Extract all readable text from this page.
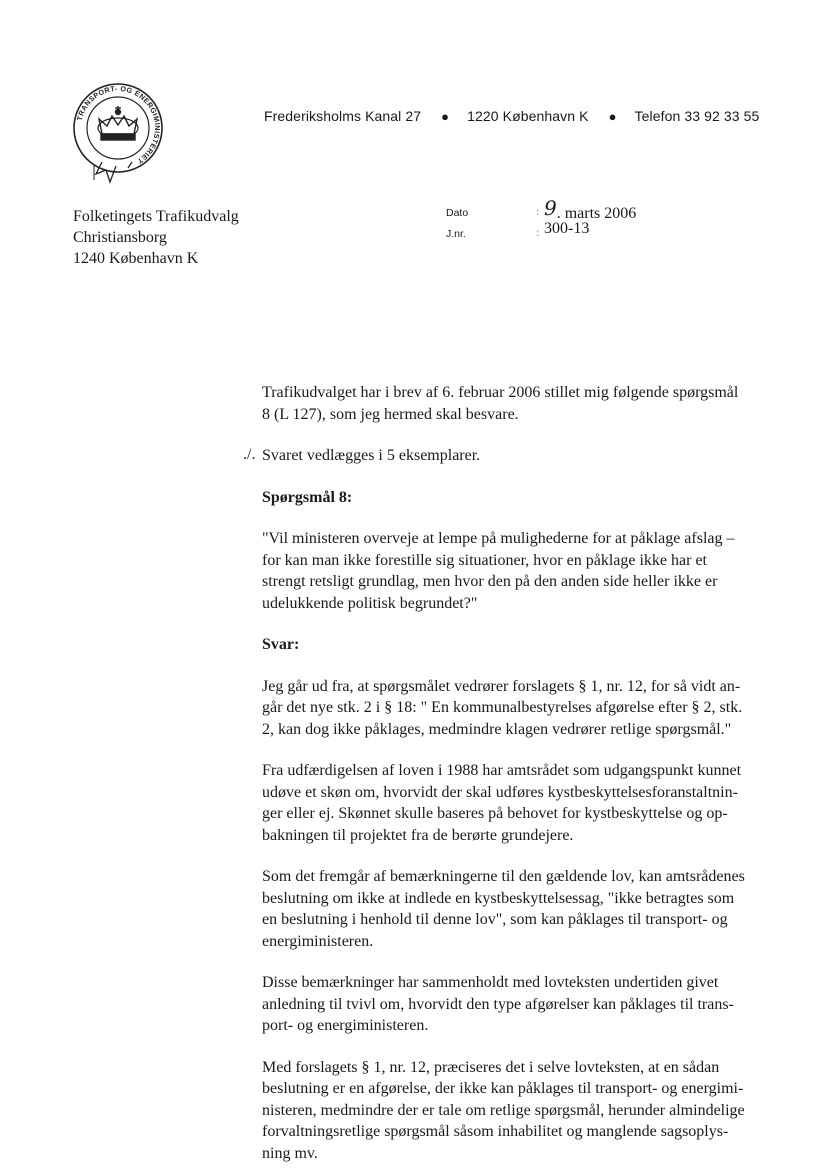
TRANSPORT- OG ENERGIMINISTERIET
Frederiksholms Kanal 27 ● 1220 København K ● Telefon 33 92 33 55
Folketingets Trafikudvalg
Christiansborg
1240 København K
Dato	: 9. marts 2006
J.nr.	: 300-13
./.

Trafikudvalget har i brev af 6. februar 2006 stillet mig følgende spørgsmål
8 (L 127), som jeg hermed skal besvare.

Svaret vedlægges i 5 eksemplarer.

Spørgsmål 8:

"Vil ministeren overveje at lempe på mulighederne for at påklage afslag –
for kan man ikke forestille sig situationer, hvor en påklage ikke har et
strengt retsligt grundlag, men hvor den på den anden side heller ikke er
udelukkende politisk begrundet?"

Svar:

Jeg går ud fra, at spørgsmålet vedrører forslagets § 1, nr. 12, for så vidt an-
går det nye stk. 2 i § 18: " En kommunalbestyrelses afgørelse efter § 2, stk.
2, kan dog ikke påklages, medmindre klagen vedrører retlige spørgsmål."

Fra udfærdigelsen af loven i 1988 har amtsrådet som udgangspunkt kunnet
udøve et skøn om, hvorvidt der skal udføres kystbeskyttelsesforanstaltnin-
ger eller ej. Skønnet skulle baseres på behovet for kystbeskyttelse og op-
bakningen til projektet fra de berørte grundejere.

Som det fremgår af bemærkningerne til den gældende lov, kan amtsrådenes
beslutning om ikke at indlede en kystbeskyttelsessag, "ikke betragtes som
en beslutning i henhold til denne lov", som kan påklages til transport- og
energiministeren.

Disse bemærkninger har sammenholdt med lovteksten undertiden givet
anledning til tvivl om, hvorvidt den type afgørelser kan påklages til trans-
port- og energiministeren.

Med forslagets § 1, nr. 12, præciseres det i selve lovteksten, at en sådan
beslutning er en afgørelse, der ikke kan påklages til transport- og energimi-
nisteren, medmindre der er tale om retlige spørgsmål, herunder almindelige
forvaltningsretlige spørgsmål såsom inhabilitet og manglende sagsoplys-
ning mv.
